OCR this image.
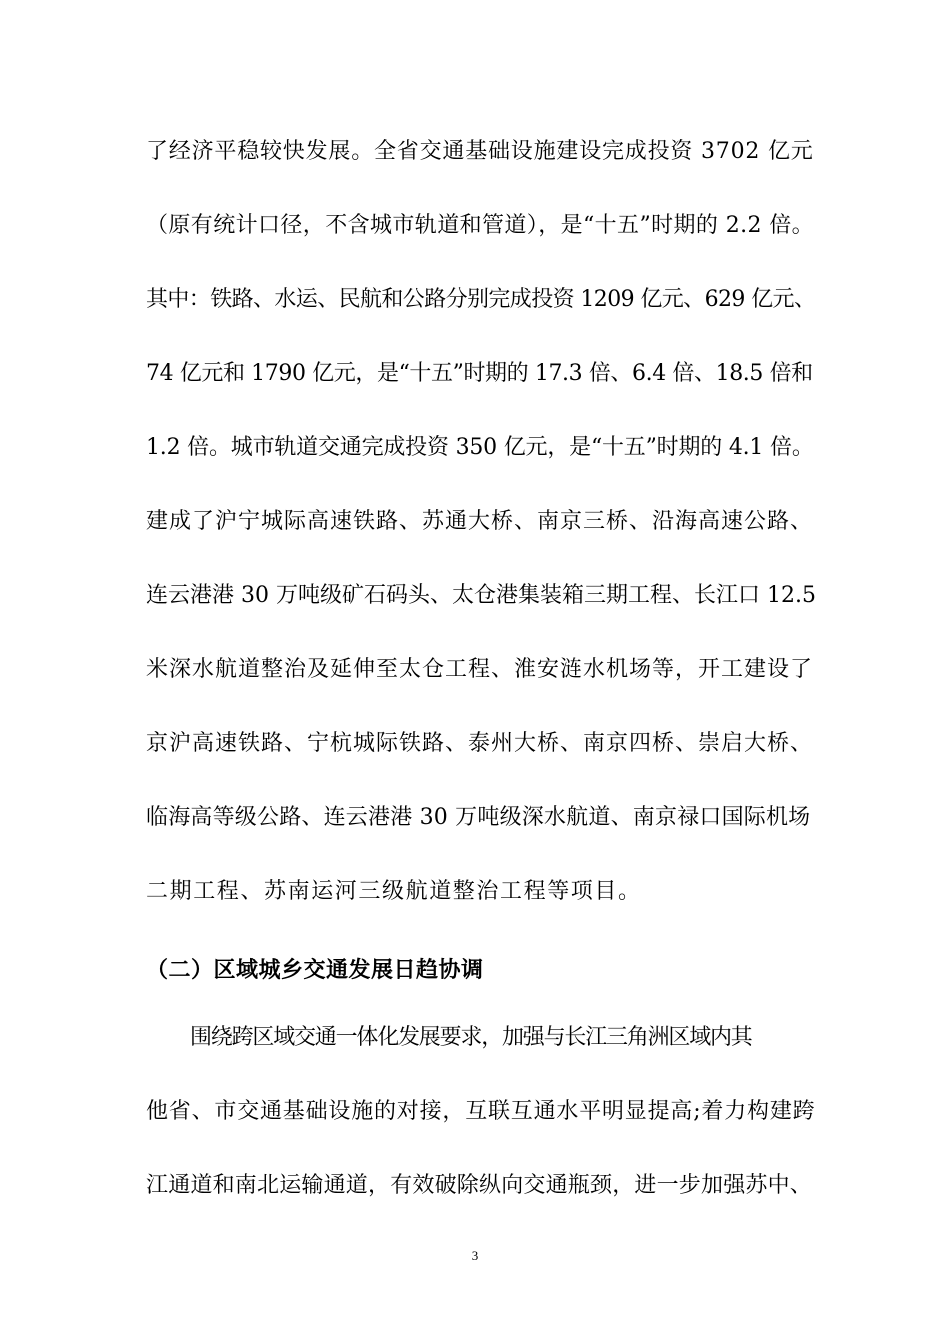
了经济平稳较快发展。全省交通基础设施建设完成投资 3702 亿元
（原有统计口径，不含城市轨道和管道），是“十五”时期的 2.2 倍。
其中：铁路、水运、民航和公路分别完成投资 1209 亿元、629 亿元、
74 亿元和 1790 亿元，是“十五”时期的 17.3 倍、6.4 倍、18.5 倍和
1.2 倍。城市轨道交通完成投资 350 亿元，是“十五”时期的 4.1 倍。
建成了沪宁城际高速铁路、苏通大桥、南京三桥、沿海高速公路、
连云港港 30 万吨级矿石码头、太仓港集装箱三期工程、长江口 12.5
米深水航道整治及延伸至太仓工程、淮安涟水机场等，开工建设了
京沪高速铁路、宁杭城际铁路、泰州大桥、南京四桥、崇启大桥、
临海高等级公路、连云港港 30 万吨级深水航道、南京禄口国际机场
二期工程、苏南运河三级航道整治工程等项目。
（二）区域城乡交通发展日趋协调
围绕跨区域交通一体化发展要求，加强与长江三角洲区域内其
他省、市交通基础设施的对接，互联互通水平明显提高;着力构建跨
江通道和南北运输通道，有效破除纵向交通瓶颈，进一步加强苏中、
3
